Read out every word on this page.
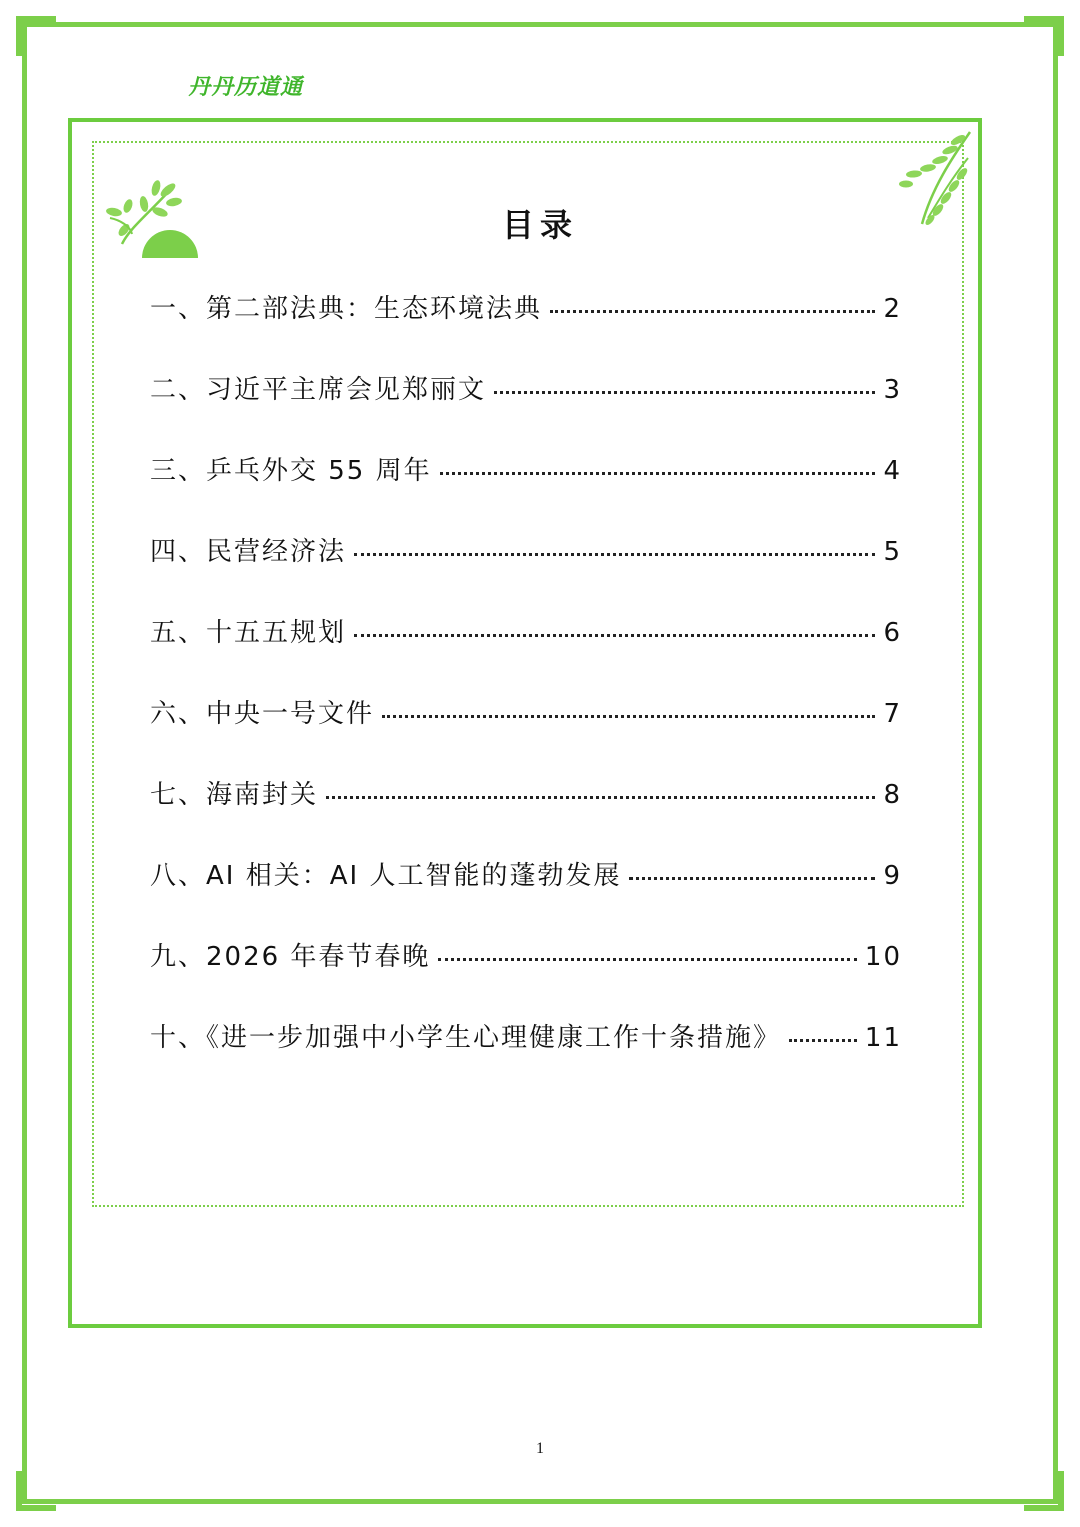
丹丹历道通
目录
一、第二部法典：生态环境法典	2
二、习近平主席会见郑丽文	3
三、乒乓外交 55 周年	4
四、民营经济法	5
五、十五五规划	6
六、中央一号文件	7
七、海南封关	8
八、AI 相关：AI 人工智能的蓬勃发展	9
九、2026 年春节春晚	10
十、《进一步加强中小学生心理健康工作十条措施》	11
1
